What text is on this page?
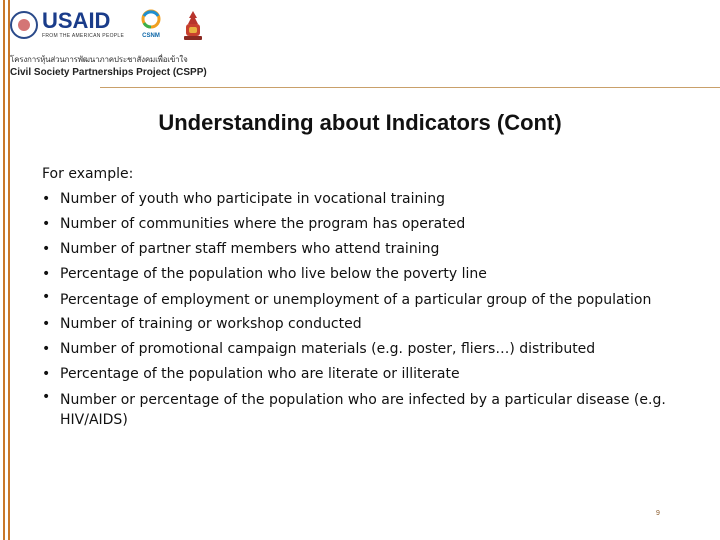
USAID
FROM THE AMERICAN PEOPLE	CSNM
โครงการหุ้นส่วนการพัฒนาภาคประชาสังคมเพื่อเข้าใจ
Civil Society Partnerships Project (CSPP)
Understanding about Indicators (Cont)

For example:

• Number of youth who participate in vocational training
• Number of communities where the program has operated
• Number of partner staff members who attend training
• Percentage of the population who live below the poverty line
• Percentage of employment or unemployment of a particular group of the population
• Number of training or workshop conducted
• Number of promotional campaign materials (e.g. poster, fliers…) distributed
• Percentage of the population who are literate or illiterate
• Number or percentage of the population who are infected by a particular disease (e.g. HIV/AIDS)
9
